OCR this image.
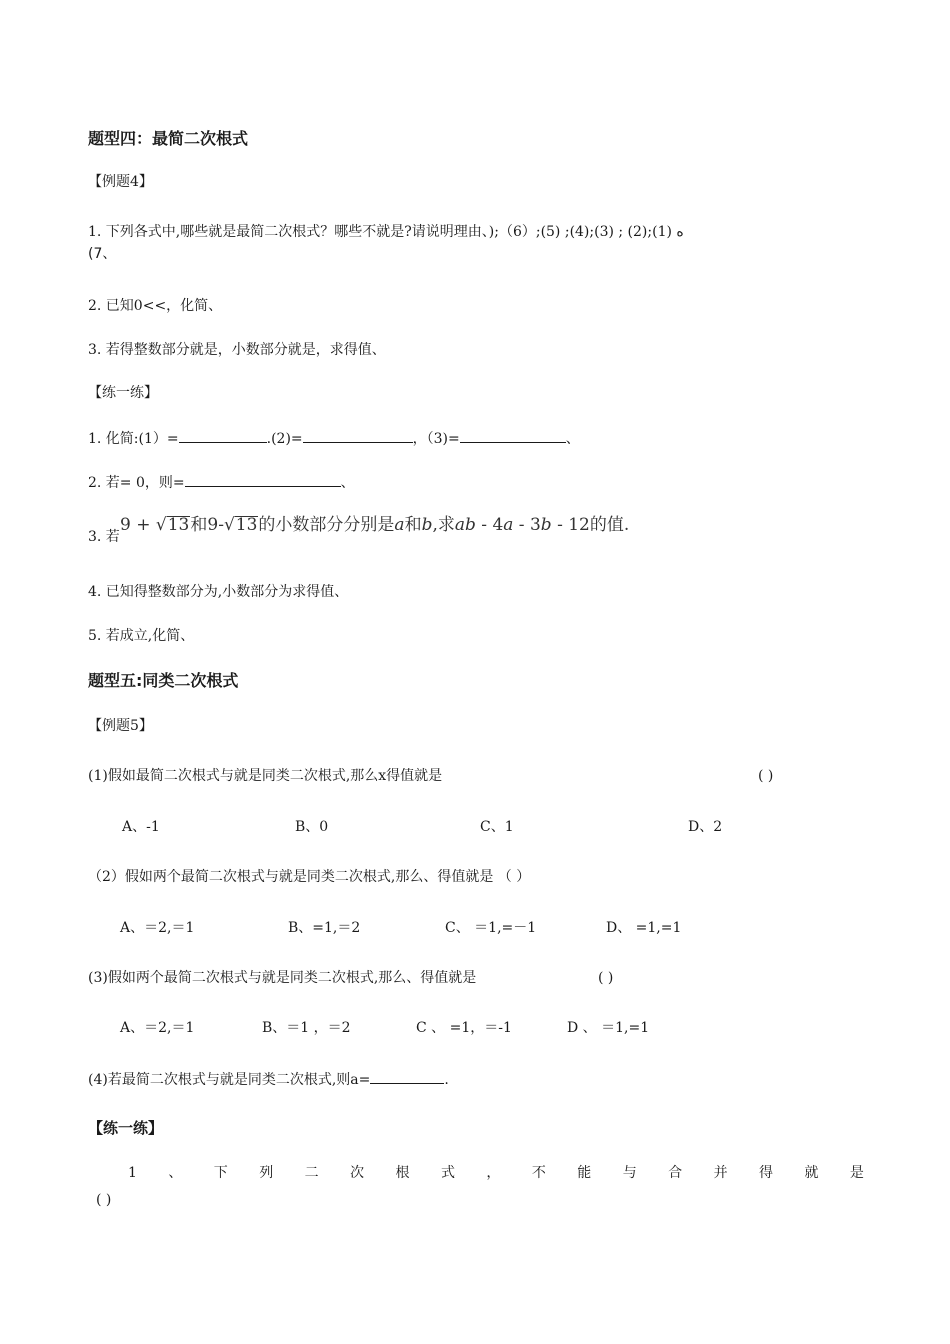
题型四：最简二次根式
【例题4】
1. 下列各式中,哪些就是最简二次根式？哪些不就是?请说明理由、);（6）;(5) ;(4);(3) ; (2);(1) ﻩ
(7、
2. 已知0<<，化简、
3. 若得整数部分就是，小数部分就是，求得值、
【练一练】
1. 化简:(1）=	.(2)=	，（3)=	、
2. 若= 0，则=	、
3. 若
9 + √13和9-√13的小数部分分别是a和b,求ab - 4a - 3b - 12的值.
4. 已知得整数部分为,小数部分为求得值、
5. 若成立,化简、
题型五:同类二次根式
【例题5】
(1)假如最简二次根式与就是同类二次根式,那么x得值就是	( )
A、-1	B、0	C、1	D、2
（2）假如两个最简二次根式与就是同类二次根式,那么、得值就是 （ ）
A、＝2,＝1	B、=1,＝2	C、 ＝1,=－1	D、 =1,=1
(3)假如两个最简二次根式与就是同类二次根式,那么、得值就是	( )
A、＝2,＝1	B、＝1 ，＝2	C 、 =1，＝-1	D 、 ＝1,=1
(4)若最简二次根式与就是同类二次根式,则a=	.
【练一练】
1 、 下 列 二 次 根 式 ， 不 能 与 合 并 得 就 是
( )
